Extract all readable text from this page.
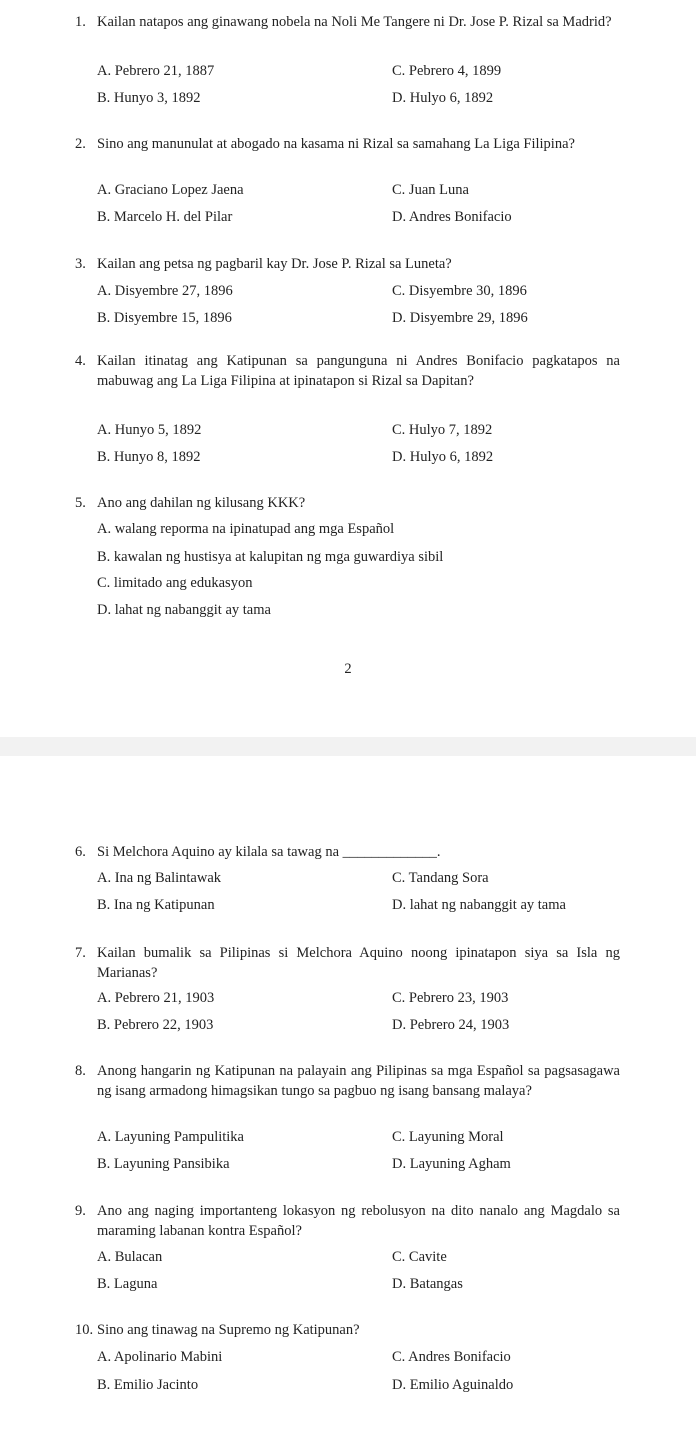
1. Kailan natapos ang ginawang nobela na Noli Me Tangere ni Dr. Jose P. Rizal sa Madrid?
A. Pebrero 21, 1887
B. Hunyo 3, 1892
C. Pebrero 4, 1899
D. Hulyo 6, 1892
2. Sino ang manunulat at abogado na kasama ni Rizal sa samahang La Liga Filipina?
A. Graciano Lopez Jaena
B. Marcelo H. del Pilar
C. Juan Luna
D. Andres Bonifacio
3. Kailan ang petsa ng pagbaril kay Dr. Jose P. Rizal sa Luneta?
A. Disyembre 27, 1896
B. Disyembre 15, 1896
C. Disyembre 30, 1896
D. Disyembre 29, 1896
4. Kailan itinatag ang Katipunan sa pangunguna ni Andres Bonifacio pagkatapos na mabuwag ang La Liga Filipina at ipinatapon si Rizal sa Dapitan?
A. Hunyo 5, 1892
B. Hunyo 8, 1892
C. Hulyo 7, 1892
D. Hulyo 6, 1892
5. Ano ang dahilan ng kilusang KKK?
A. walang reporma na ipinatupad ang mga Español
B. kawalan ng hustisya at kalupitan ng mga guwardiya sibil
C. limitado ang edukasyon
D. lahat ng nabanggit ay tama
2
6. Si Melchora Aquino ay kilala sa tawag na _____________.
A. Ina ng Balintawak
B. Ina ng Katipunan
C. Tandang Sora
D. lahat ng nabanggit ay tama
7. Kailan bumalik sa Pilipinas si Melchora Aquino noong ipinatapon siya sa Isla ng Marianas?
A. Pebrero 21, 1903
B. Pebrero 22, 1903
C. Pebrero 23, 1903
D. Pebrero 24, 1903
8. Anong hangarin ng Katipunan na palayain ang Pilipinas sa mga Español sa pagsasagawa ng isang armadong himagsikan tungo sa pagbuo ng isang bansang malaya?
A. Layuning Pampulitika
B. Layuning Pansibika
C. Layuning Moral
D. Layuning Agham
9. Ano ang naging importanteng lokasyon ng rebolusyon na dito nanalo ang Magdalo sa maraming labanan kontra Español?
A. Bulacan
B. Laguna
C. Cavite
D. Batangas
10. Sino ang tinawag na Supremo ng Katipunan?
A. Apolinario Mabini
B. Emilio Jacinto
C. Andres Bonifacio
D. Emilio Aguinaldo
